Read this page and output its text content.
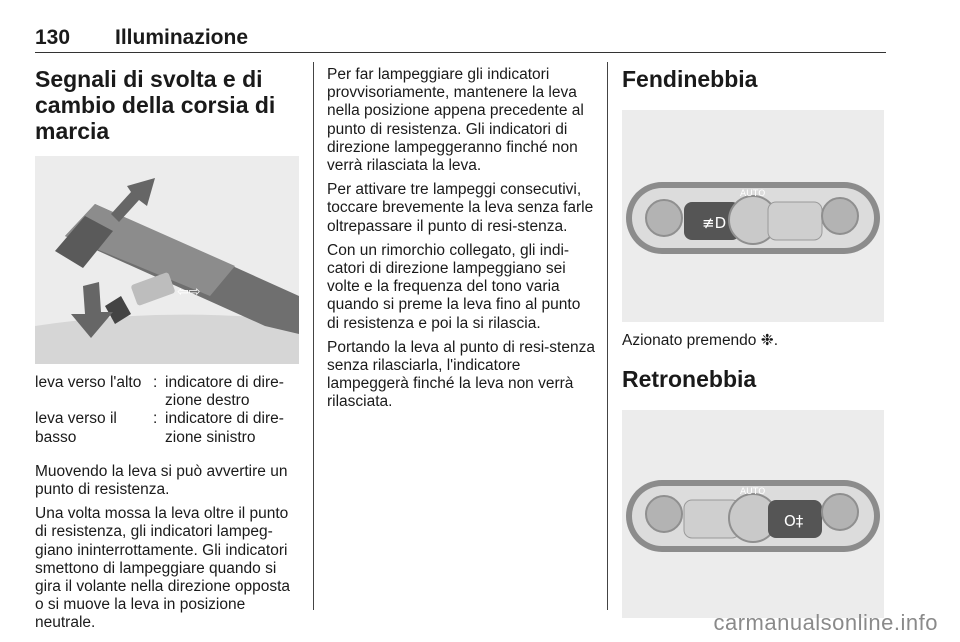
130 Illuminazione
Segnali di svolta e di cambio della corsia di marcia
⇦⇨
leva verso l'alto : indicatore di dire-zione destro
leva verso il basso
: indicatore di dire-zione sinistro

Muovendo la leva si può avvertire un punto di resistenza.

Una volta mossa la leva oltre il punto di resistenza, gli indicatori lampeg-giano ininterrottamente. Gli indicatori smettono di lampeggiare quando si gira il volante nella direzione opposta o si muove la leva in posizione neutrale.

Per far lampeggiare gli indicatori provvisoriamente, mantenere la leva nella posizione appena precedente al punto di resistenza. Gli indicatori di direzione lampeggeranno finché non verrà rilasciata la leva.

Per attivare tre lampeggi consecutivi, toccare brevemente la leva senza farle oltrepassare il punto di resi-stenza.

Con un rimorchio collegato, gli indi-catori di direzione lampeggiano sei volte e la frequenza del tono varia quando si preme la leva fino al punto di resistenza e poi la si rilascia.

Portando la leva al punto di resi-stenza senza rilasciarla, l'indicatore lampeggerà finché la leva non verrà rilasciata.

Fendinebbia
≢D
AUTO

Azionato premendo ❉.

Retronebbia
O‡
AUTO
carmanualsonline.info
